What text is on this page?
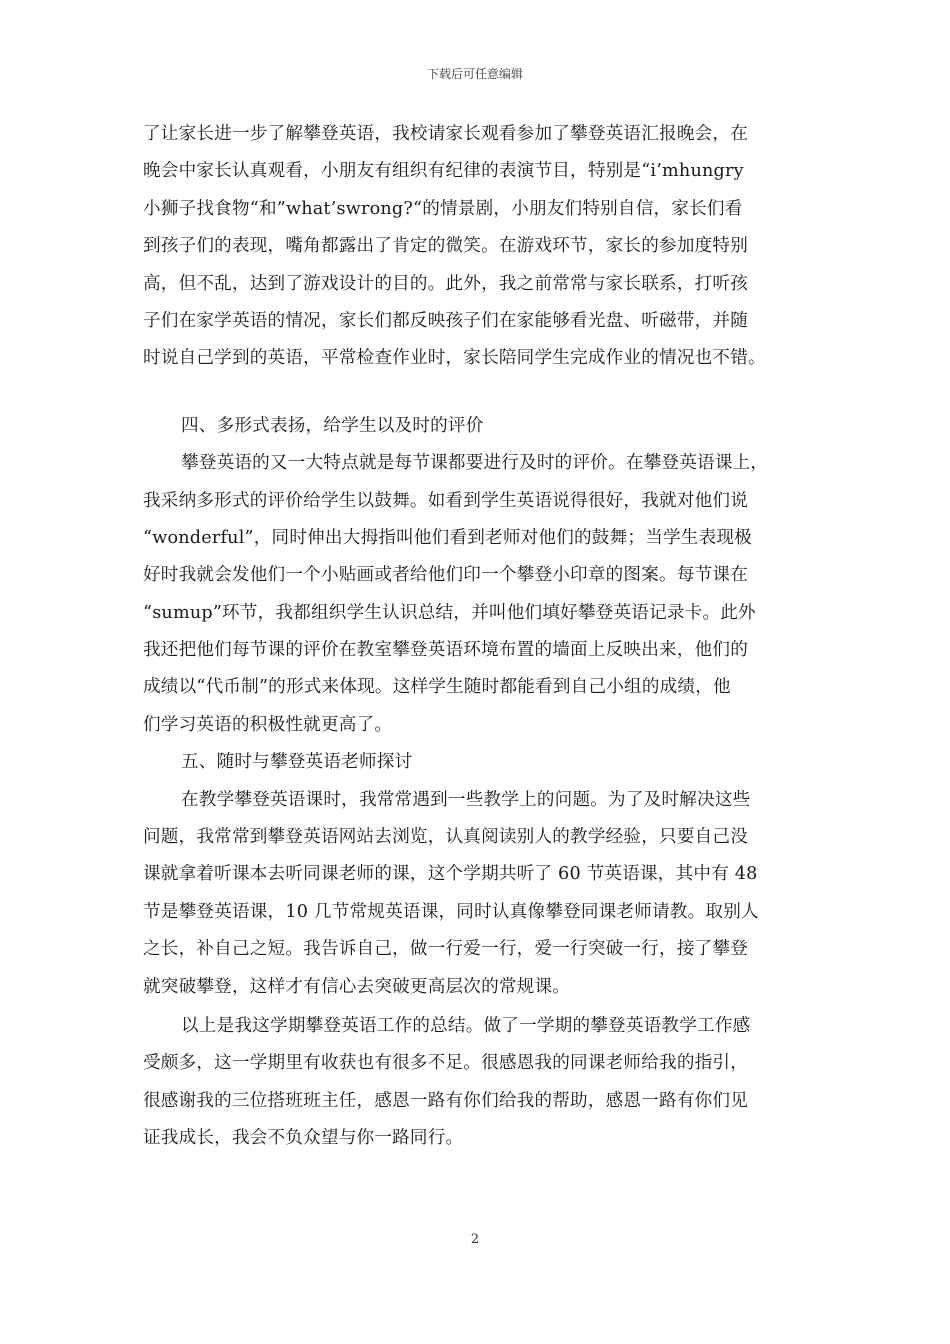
下载后可任意编辑
了让家长进一步了解攀登英语，我校请家长观看参加了攀登英语汇报晚会，在
晚会中家长认真观看，小朋友有组织有纪律的表演节目，特别是“i’mhungry
小狮子找食物“和”what’swrong?“的情景剧，小朋友们特别自信，家长们看
到孩子们的表现，嘴角都露出了肯定的微笑。在游戏环节，家长的参加度特别
高，但不乱，达到了游戏设计的目的。此外，我之前常常与家长联系，打听孩
子们在家学英语的情况，家长们都反映孩子们在家能够看光盘、听磁带，并随
时说自己学到的英语，平常检查作业时，家长陪同学生完成作业的情况也不错。
四、多形式表扬，给学生以及时的评价
攀登英语的又一大特点就是每节课都要进行及时的评价。在攀登英语课上，
我采纳多形式的评价给学生以鼓舞。如看到学生英语说得很好，我就对他们说
“wonderful”，同时伸出大拇指叫他们看到老师对他们的鼓舞；当学生表现极
好时我就会发他们一个小贴画或者给他们印一个攀登小印章的图案。每节课在
“sumup”环节，我都组织学生认识总结，并叫他们填好攀登英语记录卡。此外
我还把他们每节课的评价在教室攀登英语环境布置的墙面上反映出来，他们的
成绩以“代币制”的形式来体现。这样学生随时都能看到自己小组的成绩，他
们学习英语的积极性就更高了。
五、随时与攀登英语老师探讨
在教学攀登英语课时，我常常遇到一些教学上的问题。为了及时解决这些
问题，我常常到攀登英语网站去浏览，认真阅读别人的教学经验，只要自己没
课就拿着听课本去听同课老师的课，这个学期共听了 60 节英语课，其中有 48
节是攀登英语课，10 几节常规英语课，同时认真像攀登同课老师请教。取别人
之长，补自己之短。我告诉自己，做一行爱一行，爱一行突破一行，接了攀登
就突破攀登，这样才有信心去突破更高层次的常规课。
以上是我这学期攀登英语工作的总结。做了一学期的攀登英语教学工作感
受颇多，这一学期里有收获也有很多不足。很感恩我的同课老师给我的指引，
很感谢我的三位搭班班主任，感恩一路有你们给我的帮助，感恩一路有你们见
证我成长，我会不负众望与你一路同行。
2
